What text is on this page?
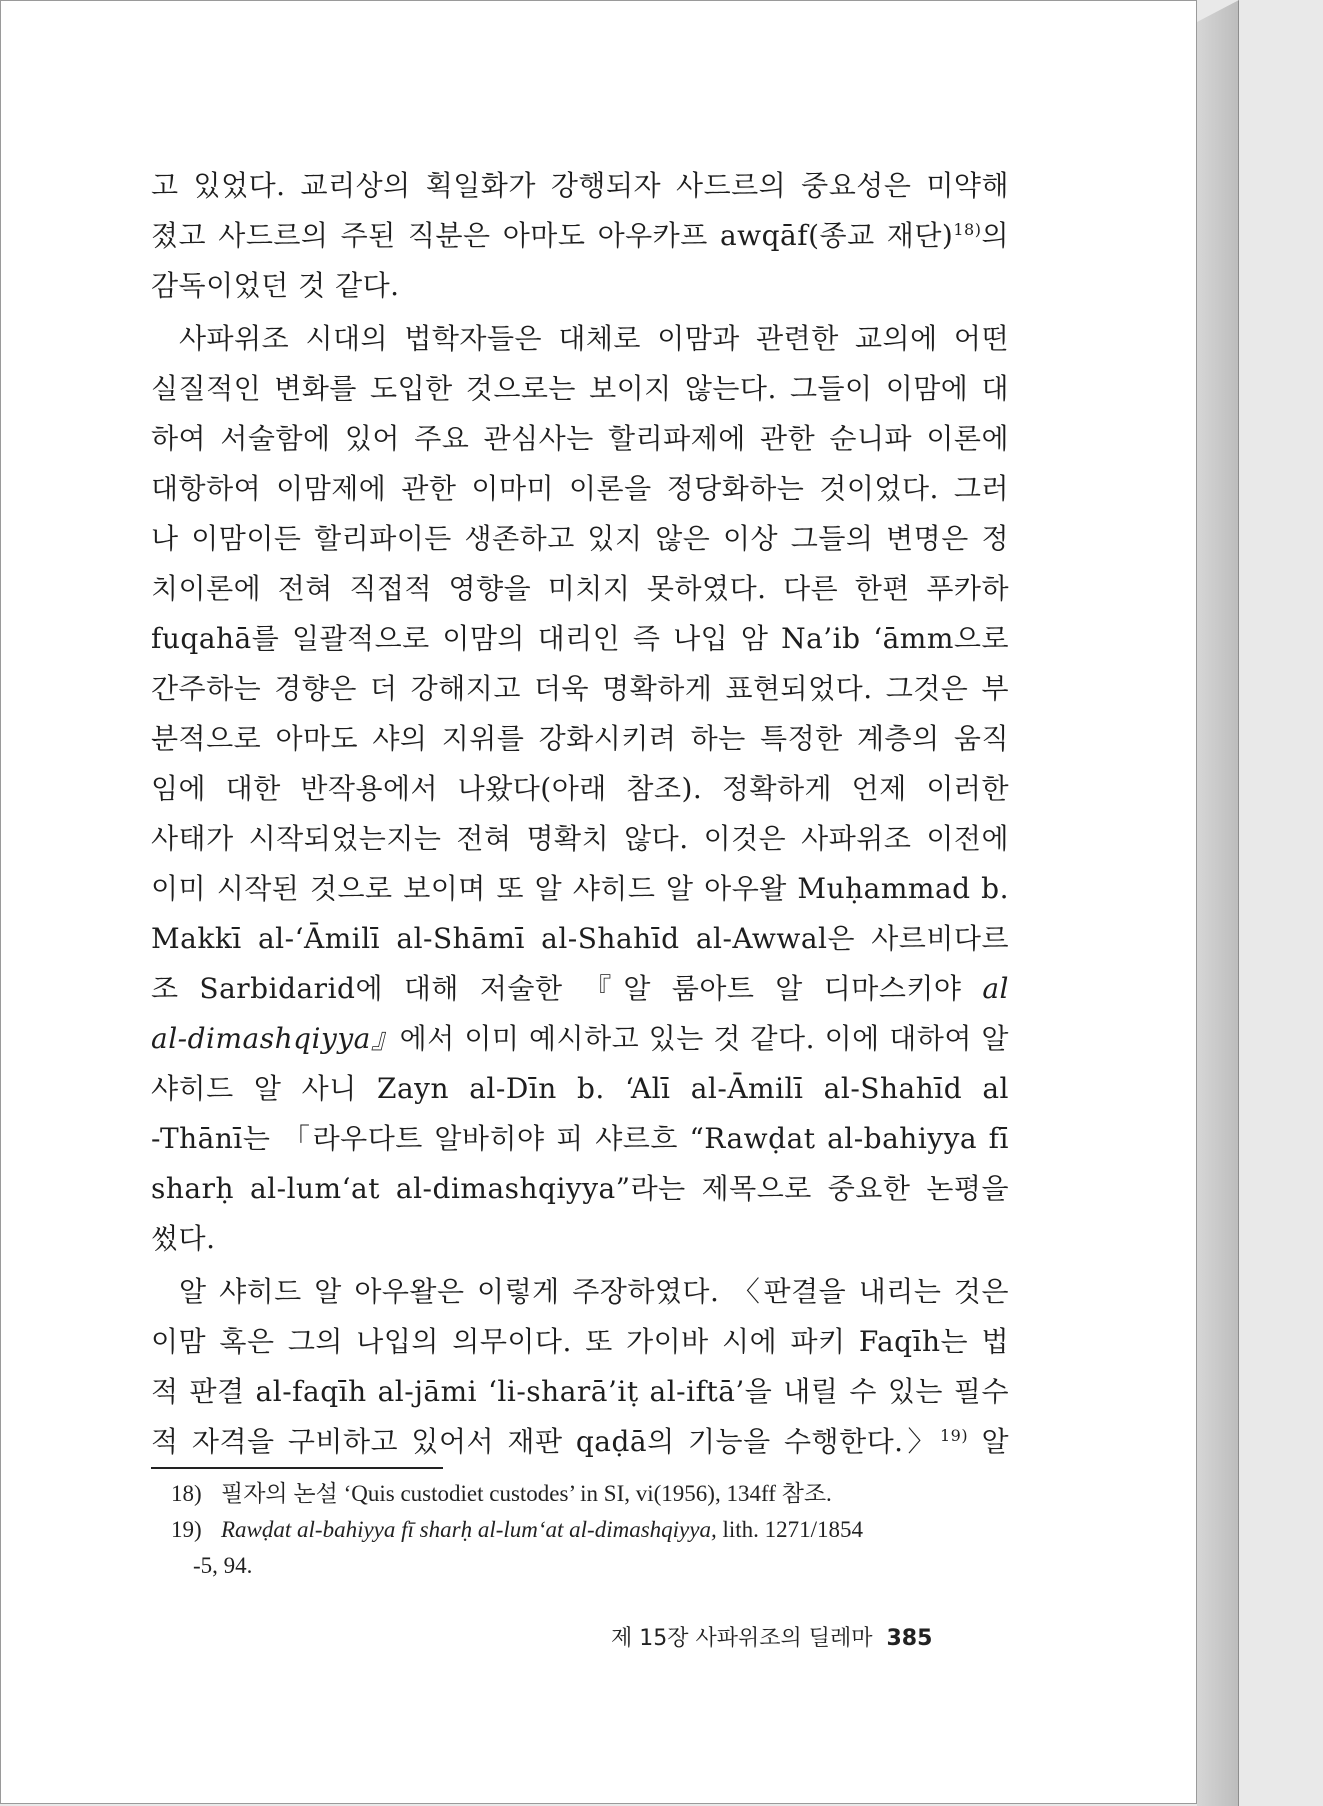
고 있었다. 교리상의 획일화가 강행되자 사드르의 중요성은 미약해
졌고 사드르의 주된 직분은 아마도 아우카프 awqāf(종교 재단)$^{18)}$의
감독이었던 것 같다.
사파위조 시대의 법학자들은 대체로 이맘과 관련한 교의에 어떤
실질적인 변화를 도입한 것으로는 보이지 않는다. 그들이 이맘에 대
하여 서술함에 있어 주요 관심사는 할리파제에 관한 순니파 이론에
대항하여 이맘제에 관한 이마미 이론을 정당화하는 것이었다. 그러
나 이맘이든 할리파이든 생존하고 있지 않은 이상 그들의 변명은 정
치이론에 전혀 직접적 영향을 미치지 못하였다. 다른 한편 푸카하
fuqahā를 일괄적으로 이맘의 대리인 즉 나입 암 Na’ib ‘āmm으로
간주하는 경향은 더 강해지고 더욱 명확하게 표현되었다. 그것은 부
분적으로 아마도 샤의 지위를 강화시키려 하는 특정한 계층의 움직
임에 대한 반작용에서 나왔다(아래 참조). 정확하게 언제 이러한
사태가 시작되었는지는 전혀 명확치 않다. 이것은 사파위조 이전에
이미 시작된 것으로 보이며 또 알 샤히드 알 아우왈 Muḥammad b.
Makkī al-‘Āmilī al-Shāmī al-Shahīd al-Awwal은 사르비다르
조 Sarbidarid에 대해 저술한 『알 룸아트 알 디마스키야 al
al-dimashqiyya』에서 이미 예시하고 있는 것 같다. 이에 대하여 알
샤히드 알 사니 Zayn al-Dīn b. ‘Alī al-Āmilī al-Shahīd al
-Thānī는 「라우다트 알바히야 피 샤르흐 “Rawḍat al-bahiyya fī
sharḥ al-lum‘at al-dimashqiyya”라는 제목으로 중요한 논평을
썼다.
알 샤히드 알 아우왈은 이렇게 주장하였다. 〈판결을 내리는 것은
이맘 혹은 그의 나입의 의무이다. 또 가이바 시에 파키 Faqīh는 법
적 판결 al-faqīh al-jāmi ‘li-sharā’iṭ al-iftā’을 내릴 수 있는 필수
적 자격을 구비하고 있어서 재판 qaḍā의 기능을 수행한다.〉$^{19)}$ 알
18) 필자의 논설 ‘Quis custodiet custodes’ in SI, vi(1956), 134ff 참조.
19) Rawḍat al-bahiyya fī sharḥ al-lum‘at al-dimashqiyya, lith. 1271/1854
-5, 94.
제 15장 사파위조의 딜레마 385
